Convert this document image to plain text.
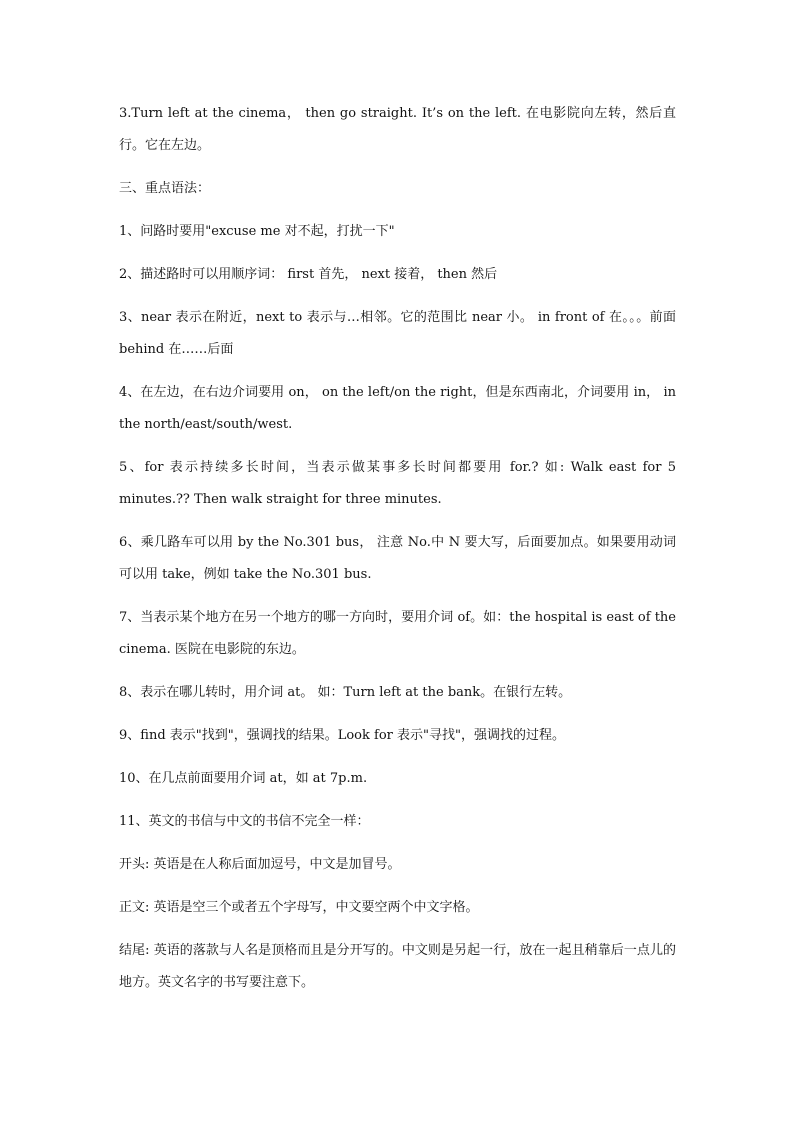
3.Turn left at the cinema， then go straight. It’s on the left. 在电影院向左转，然后直行。它在左边。

三、重点语法：

1、问路时要用"excuse me 对不起，打扰一下"

2、描述路时可以用顺序词： first 首先， next 接着， then 然后

3、near 表示在附近，next to 表示与…相邻。它的范围比 near 小。 in front of 在。。。前面 behind 在……后面

4、在左边，在右边介词要用 on， on the left/on the right，但是东西南北，介词要用 in， in the north/east/south/west.

5、for 表示持续多长时间，当表示做某事多长时间都要用 for.? 如: Walk east for 5 minutes.?? Then walk straight for three minutes.

6、乘几路车可以用 by the No.301 bus， 注意 No.中 N 要大写，后面要加点。如果要用动词可以用 take，例如 take the No.301 bus.

7、当表示某个地方在另一个地方的哪一方向时，要用介词 of。如：the hospital is east of the cinema. 医院在电影院的东边。

8、表示在哪儿转时，用介词 at。 如：Turn left at the bank。在银行左转。

9、find 表示"找到"，强调找的结果。Look for 表示"寻找"，强调找的过程。

10、在几点前面要用介词 at，如 at 7p.m.

11、英文的书信与中文的书信不完全一样：

开头: 英语是在人称后面加逗号，中文是加冒号。

正文: 英语是空三个或者五个字母写，中文要空两个中文字格。

结尾: 英语的落款与人名是顶格而且是分开写的。中文则是另起一行，放在一起且稍靠后一点儿的地方。英文名字的书写要注意下。
